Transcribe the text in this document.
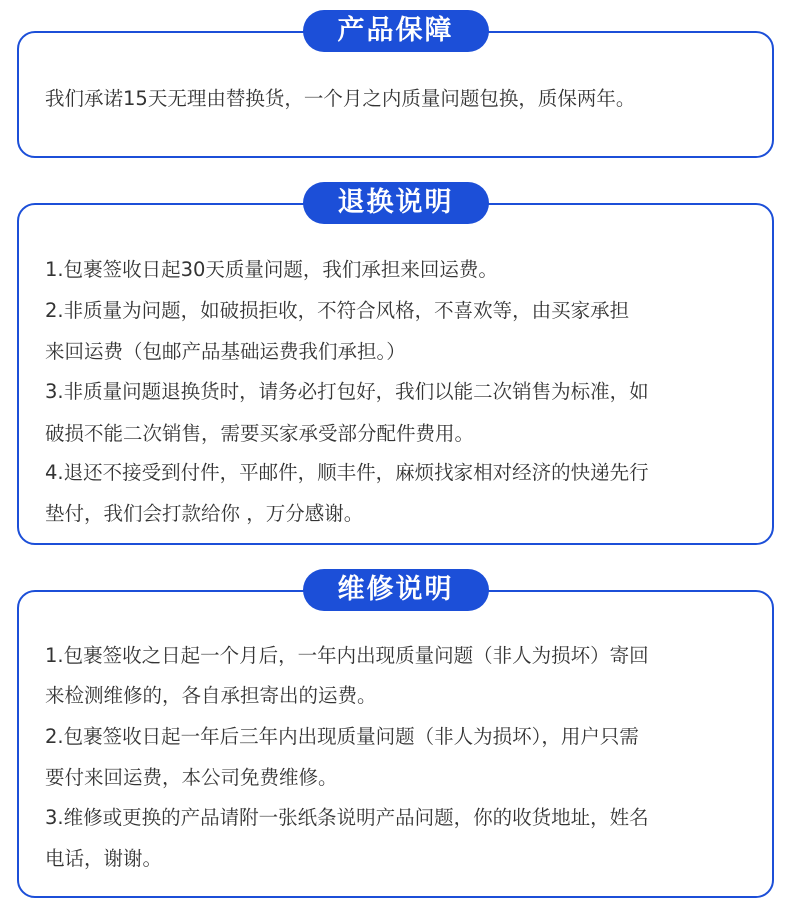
产品保障
我们承诺15天无理由替换货，一个月之内质量问题包换，质保两年。
退换说明
1.包裹签收日起30天质量问题，我们承担来回运费。
2.非质量为问题，如破损拒收，不符合风格，不喜欢等，由买家承担
来回运费（包邮产品基础运费我们承担。）
3.非质量问题退换货时，请务必打包好，我们以能二次销售为标准，如
破损不能二次销售，需要买家承受部分配件费用。
4.退还不接受到付件，平邮件，顺丰件，麻烦找家相对经济的快递先行
垫付，我们会打款给你 ，万分感谢。
维修说明
1.包裹签收之日起一个月后，一年内出现质量问题（非人为损坏）寄回
来检测维修的，各自承担寄出的运费。
2.包裹签收日起一年后三年内出现质量问题（非人为损坏），用户只需
要付来回运费，本公司免费维修。
3.维修或更换的产品请附一张纸条说明产品问题，你的收货地址，姓名
电话，谢谢。
